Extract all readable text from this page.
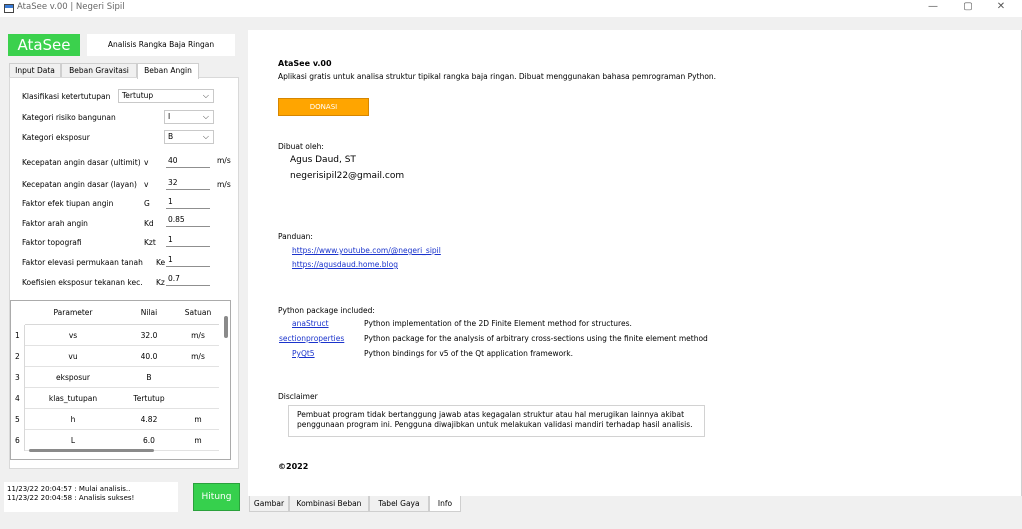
AtaSee v.00 | Negeri Sipil	—	▢	✕
AtaSee	Analisis Rangka Baja Ringan
Input Data	Beban Gravitasi	Beban Angin
Klasifikasi ketertutupan	Tertutup	⌵
Kategori risiko bangunan	I	⌵
Kategori eksposur	B	⌵
Kecepatan angin dasar (ultimit) v	40	m/s
Kecepatan angin dasar (layan) v	32	m/s
Faktor efek tiupan angin	G 1
Faktor arah angin	Kd 0.85
Faktor topografi	Kzt 1
Faktor elevasi permukaan tanah Ke 1
Koefisien eksposur tekanan kec. Kz 0.7
Parameter	Nilai	Satuan
1	vs	32.0	m/s
2	vu	40.0	m/s
3	eksposur	B
4	klas_tutupan	Tertutup
5	h	4.82	m
6	L	6.0	m
11/23/22 20:04:57 : Mulai analisis..
11/23/22 20:04:58 : Analisis sukses!	Hitung
AtaSee v.00
Aplikasi gratis untuk analisa struktur tipikal rangka baja ringan. Dibuat menggunakan bahasa pemrograman Python.
DONASI
Dibuat oleh:
Agus Daud, ST
negerisipil22@gmail.com
Panduan:
https://www.youtube.com/@negeri_sipil
https://agusdaud.home.blog
Python package included:
anaStruct	Python implementation of the 2D Finite Element method for structures.
sectionproperties	Python package for the analysis of arbitrary cross-sections using the finite element method
PyQt5	Python bindings for v5 of the Qt application framework.
Disclaimer
Pembuat program tidak bertanggung jawab atas kegagalan struktur atau hal merugikan lainnya akibat
penggunaan program ini. Pengguna diwajibkan untuk melakukan validasi mandiri terhadap hasil analisis.
©2022
Gambar	Kombinasi Beban	Tabel Gaya	Info
